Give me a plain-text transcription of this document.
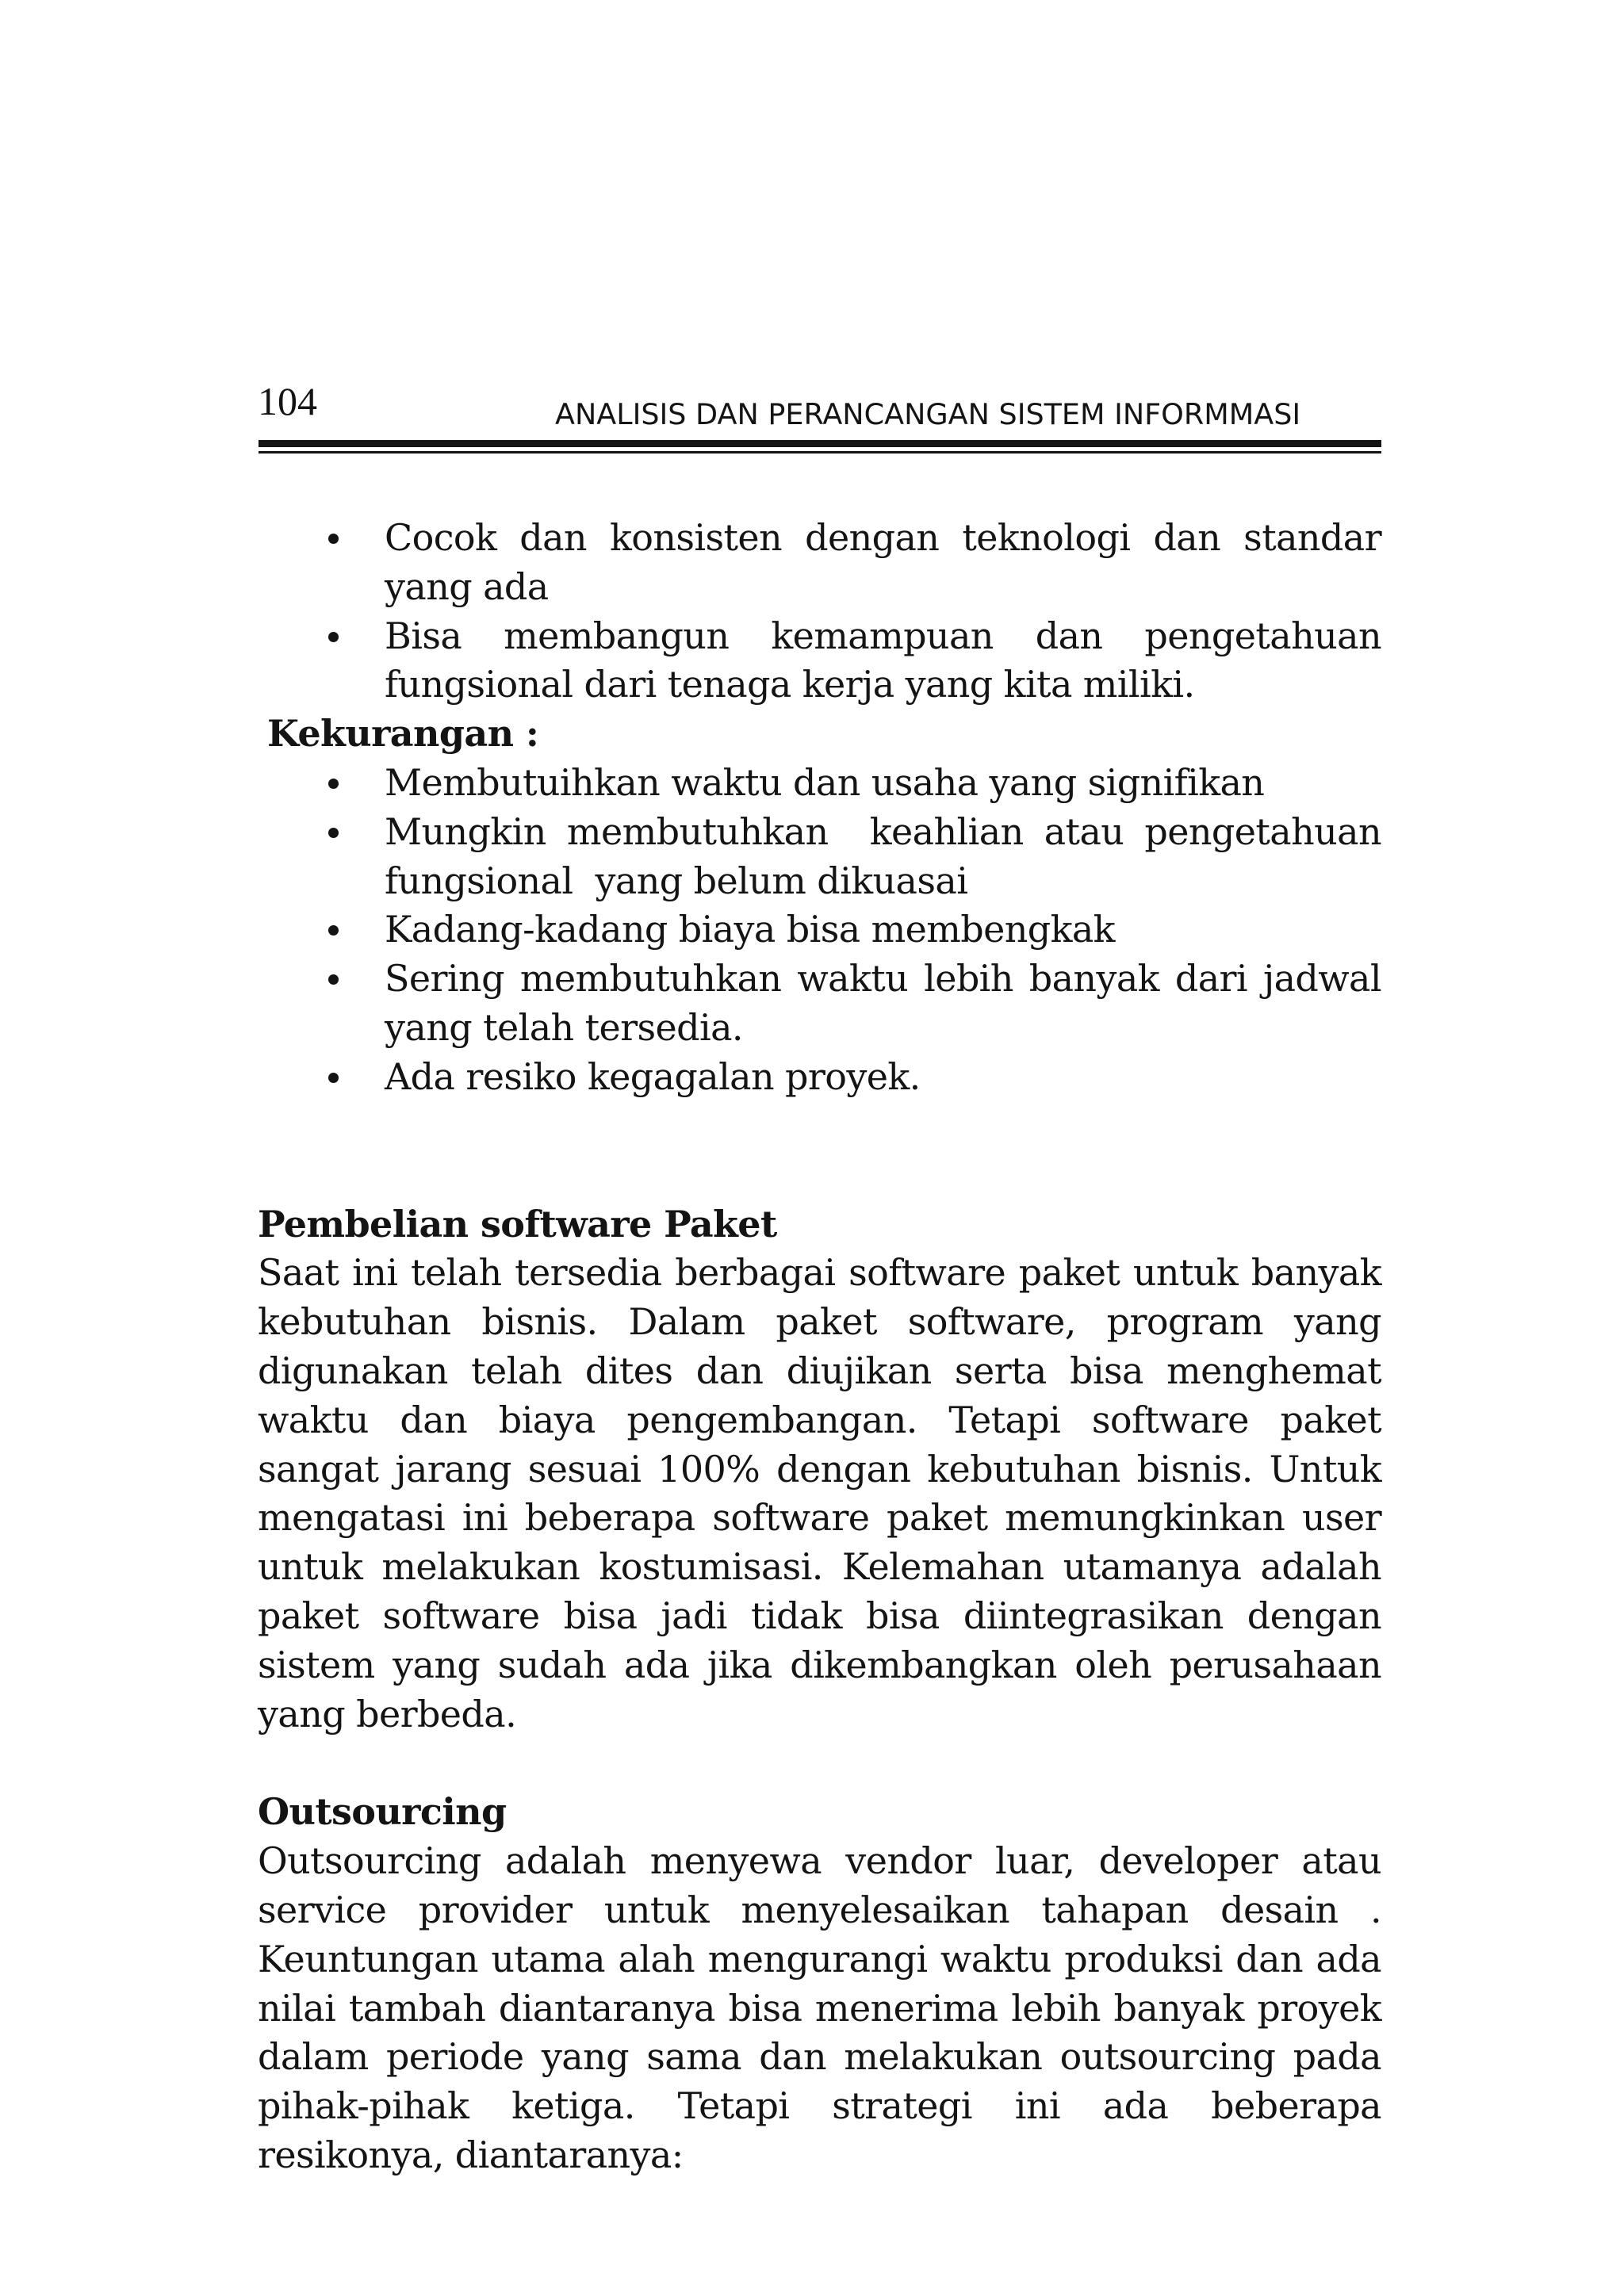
104	ANALISIS DAN PERANCANGAN SISTEM INFORMMASI
Cocok dan konsisten dengan teknologi dan standar yang ada
Bisa membangun kemampuan dan pengetahuan fungsional dari tenaga kerja yang kita miliki.

Kekurangan :

Membutuihkan waktu dan usaha yang signifikan
Mungkin membutuhkan  keahlian atau pengetahuan fungsional  yang belum dikuasai
Kadang-kadang biaya bisa membengkak
Sering membutuhkan waktu lebih banyak dari jadwal yang telah tersedia.
Ada resiko kegagalan proyek.

Pembelian software Paket

Saat ini telah tersedia berbagai software paket untuk banyak kebutuhan bisnis. Dalam paket software, program yang digunakan telah dites dan diujikan serta bisa menghemat waktu dan biaya pengembangan. Tetapi software paket sangat jarang sesuai 100% dengan kebutuhan bisnis. Untuk mengatasi ini beberapa software paket memungkinkan user untuk melakukan kostumisasi. Kelemahan utamanya adalah paket software bisa jadi tidak bisa diintegrasikan dengan sistem yang sudah ada jika dikembangkan oleh perusahaan yang berbeda.

Outsourcing

Outsourcing adalah menyewa vendor luar, developer atau service provider untuk menyelesaikan tahapan desain . Keuntungan utama alah mengurangi waktu produksi dan ada nilai tambah diantaranya bisa menerima lebih banyak proyek dalam periode yang sama dan melakukan outsourcing pada pihak-pihak ketiga. Tetapi strategi ini ada beberapa resikonya, diantaranya:
